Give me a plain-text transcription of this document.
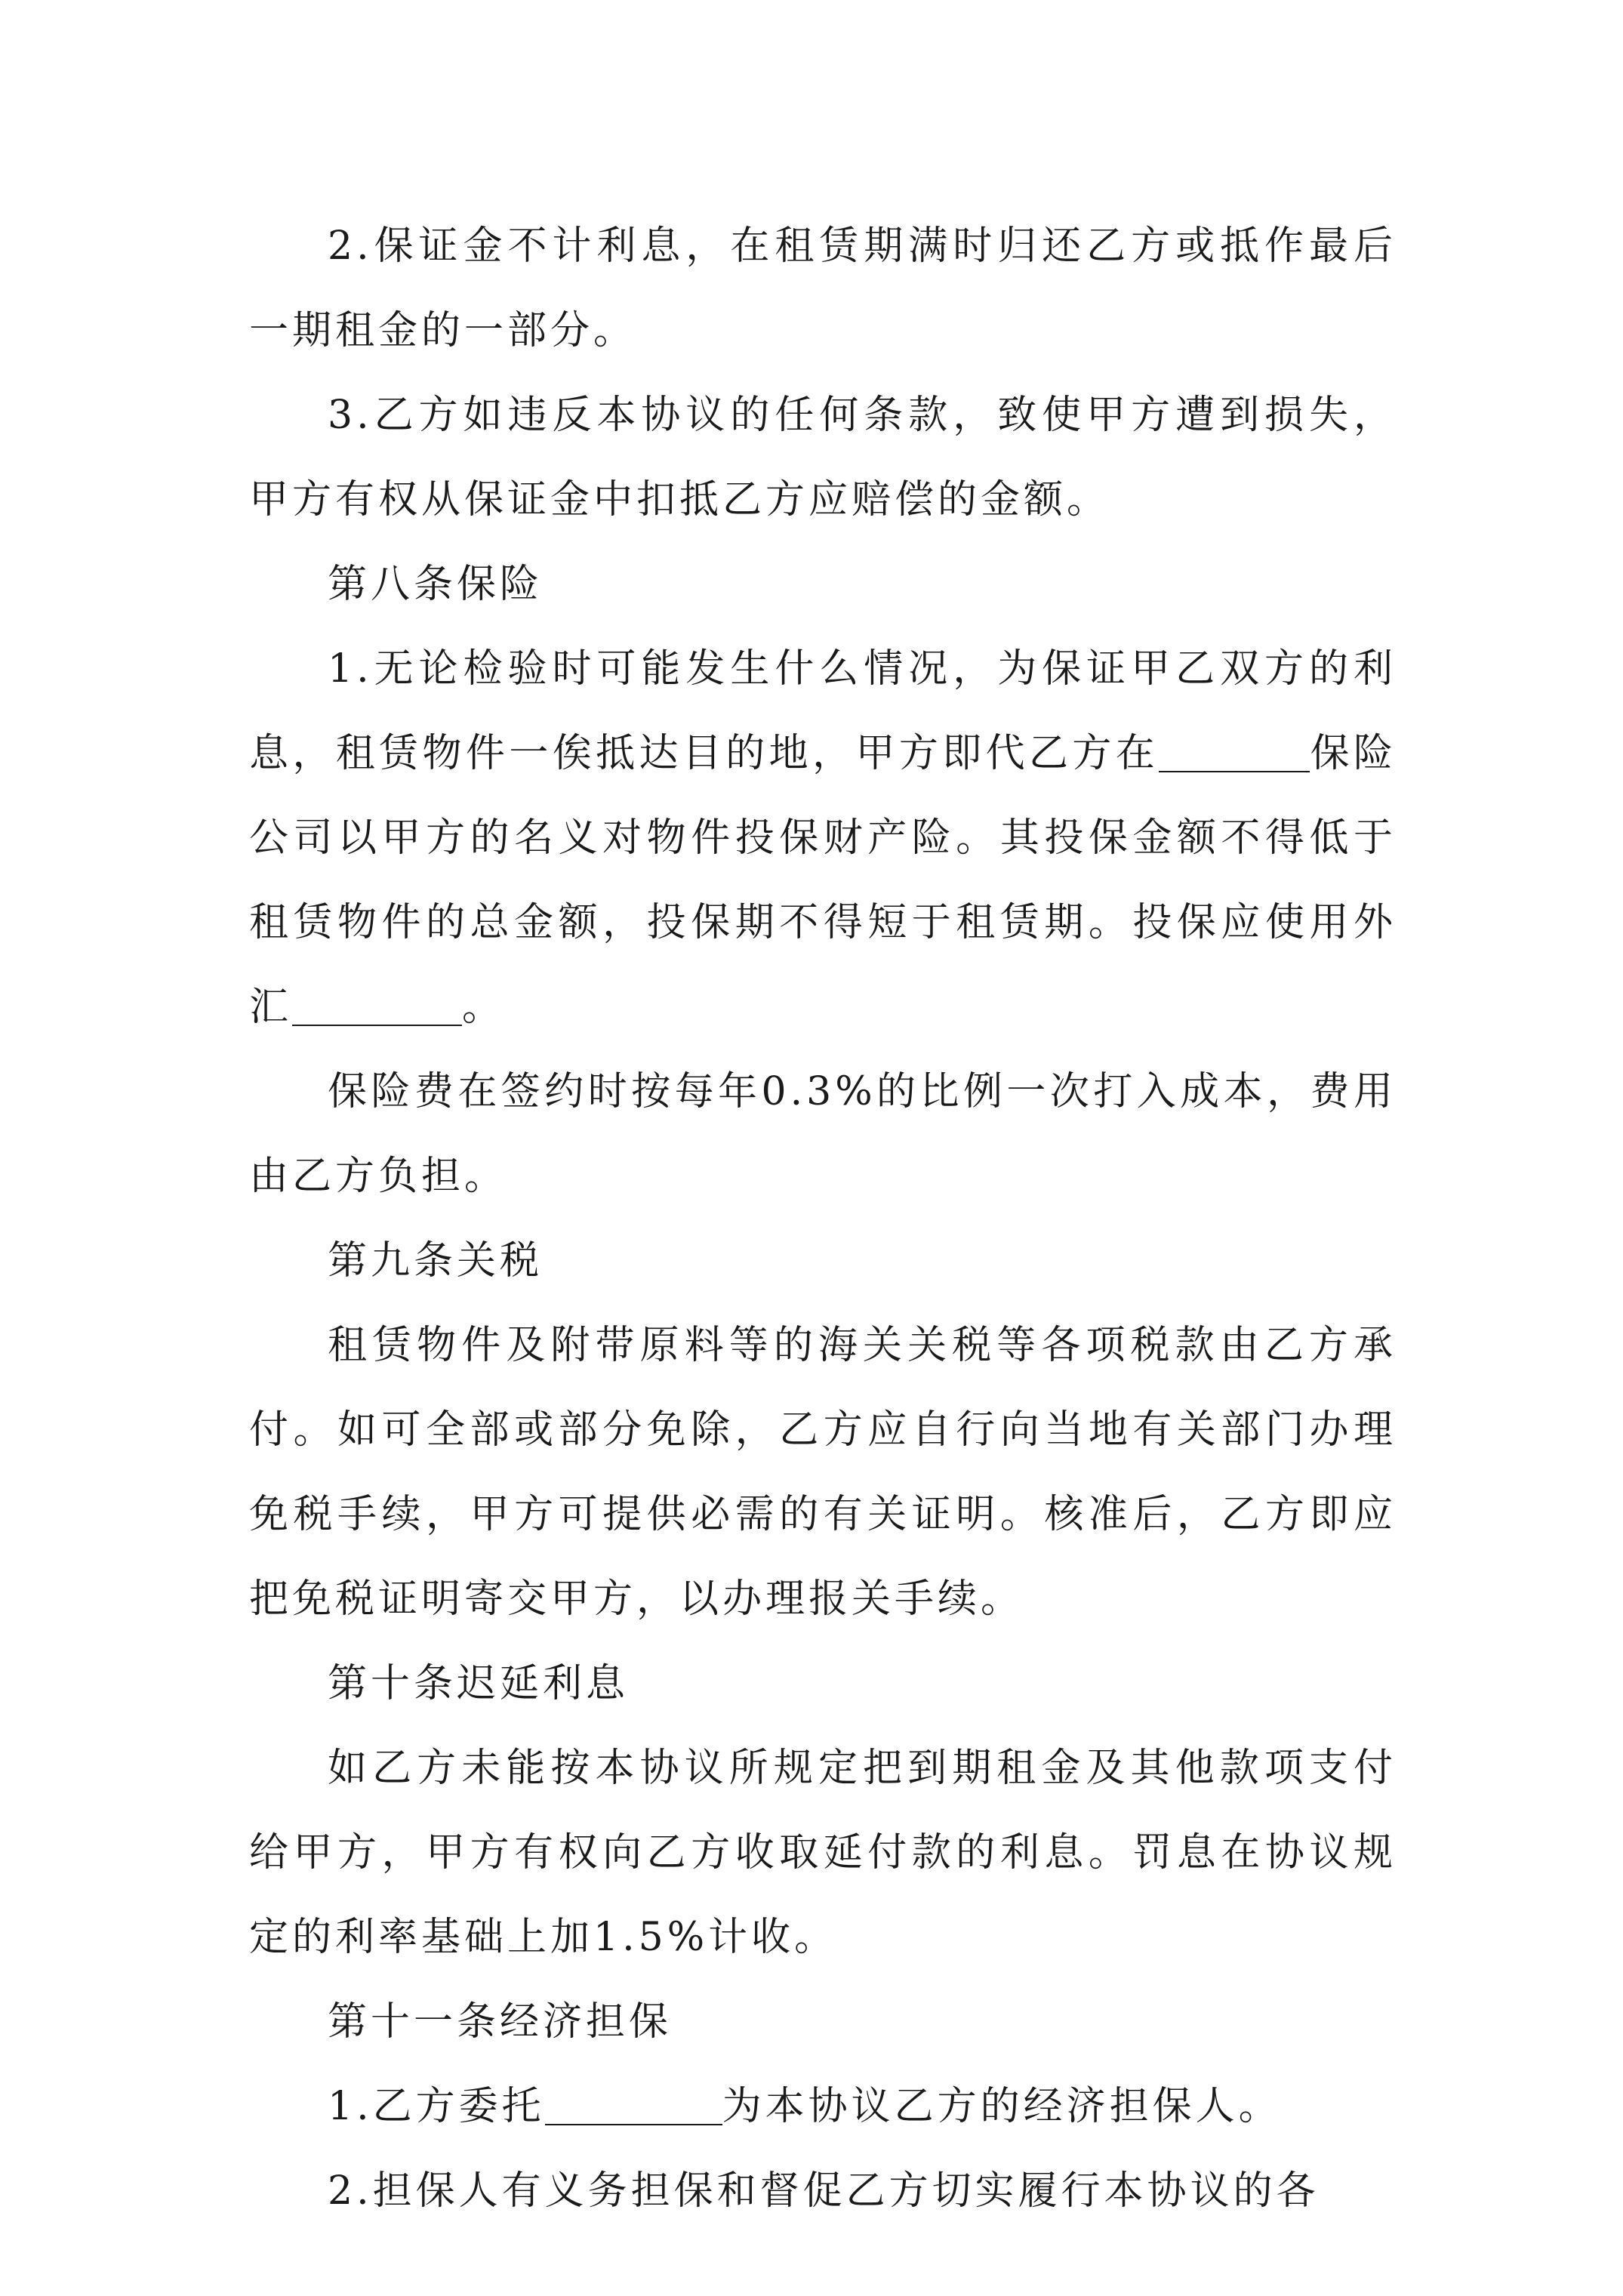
2.保证金不计利息，在租赁期满时归还乙方或抵作最后一期租金的一部分。

3.乙方如违反本协议的任何条款，致使甲方遭到损失，甲方有权从保证金中扣抵乙方应赔偿的金额。

第八条保险

1.无论检验时可能发生什么情况，为保证甲乙双方的利息，租赁物件一俟抵达目的地，甲方即代乙方在	保险公司以甲方的名义对物件投保财产险。其投保金额不得低于租赁物件的总金额，投保期不得短于租赁期。投保应使用外汇	。

保险费在签约时按每年0.3%的比例一次打入成本，费用由乙方负担。

第九条关税

租赁物件及附带原料等的海关关税等各项税款由乙方承付。如可全部或部分免除，乙方应自行向当地有关部门办理免税手续，甲方可提供必需的有关证明。核准后，乙方即应把免税证明寄交甲方，以办理报关手续。

第十条迟延利息

如乙方未能按本协议所规定把到期租金及其他款项支付给甲方，甲方有权向乙方收取延付款的利息。罚息在协议规定的利率基础上加1.5%计收。

第十一条经济担保

1.乙方委托	为本协议乙方的经济担保人。

2.担保人有义务担保和督促乙方切实履行本协议的各
